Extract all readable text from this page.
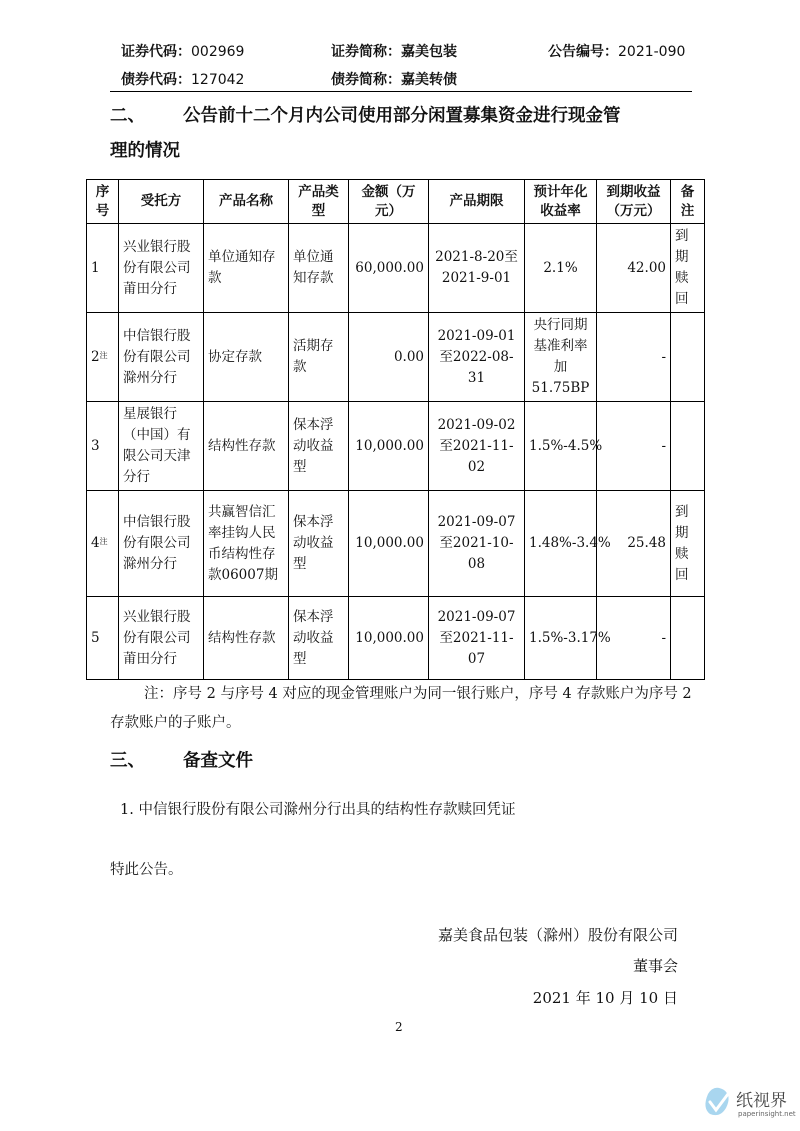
证券代码：002969	证券简称：嘉美包装	公告编号：2021-090
债券代码：127042	债券简称：嘉美转债
二、 公告前十二个月内公司使用部分闲置募集资金进行现金管
理的情况
序号	受托方	产品名称	产品类型	金额（万元）	产品期限	预计年化收益率	到期收益（万元）	备注
1	兴业银行股份有限公司莆田分行	单位通知存款	单位通知存款	60,000.00	2021-8-20至2021-9-01	2.1%	42.00	到期赎回
$2^注$	中信银行股份有限公司滁州分行	协定存款	活期存款	0.00	2021-09-01至2022-08-31	央行同期基准利率加51.75BP	-	
3	星展银行（中国）有限公司天津分行	结构性存款	保本浮动收益型	10,000.00	2021-09-02至2021-11-02	1.5%-4.5%	-	
$4^注$	中信银行股份有限公司滁州分行	共赢智信汇率挂钩人民币结构性存款06007期	保本浮动收益型	10,000.00	2021-09-07至2021-10-08	1.48%-3.4%	25.48	到期赎回
5	兴业银行股份有限公司莆田分行	结构性存款	保本浮动收益型	10,000.00	2021-09-07至2021-11-07	1.5%-3.17%	-	
注：序号 2 与序号 4 对应的现金管理账户为同一银行账户，序号 4 存款账户为序号 2
存款账户的子账户。
三、 备查文件
1. 中信银行股份有限公司滁州分行出具的结构性存款赎回凭证
特此公告。
嘉美食品包装（滁州）股份有限公司
董事会
2021 年 10 月 10 日
2
纸视界
paperinsight.net
